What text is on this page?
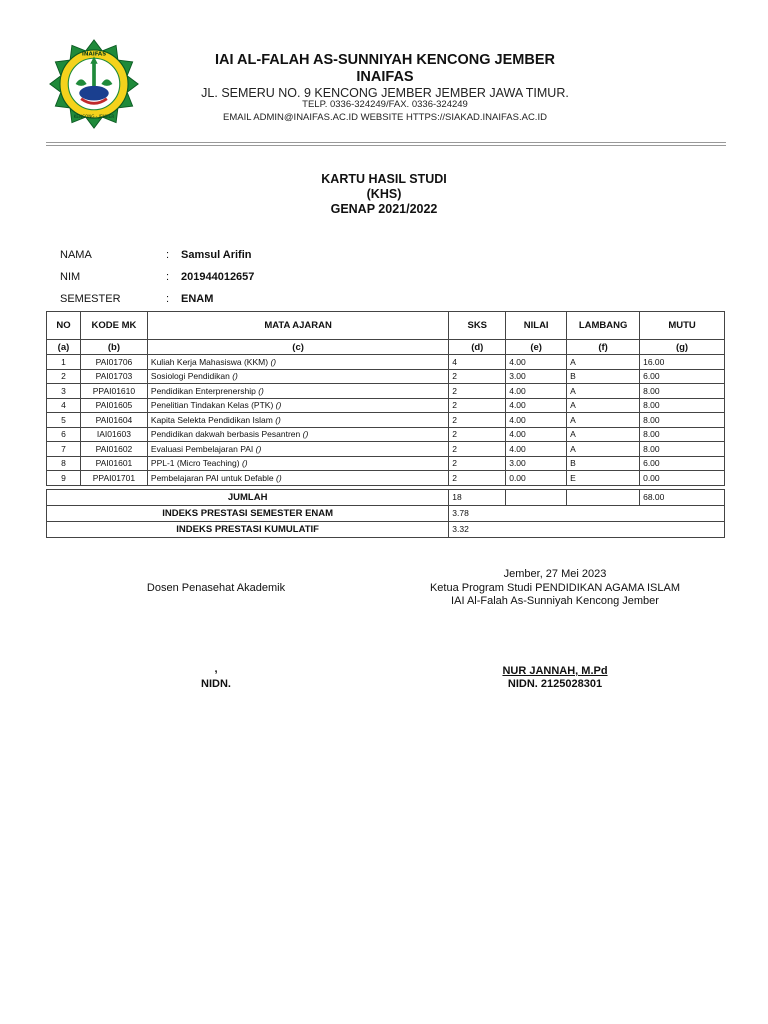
INAIFAS
KENCONG - JEMBER
IAI AL-FALAH AS-SUNNIYAH KENCONG JEMBER
INAIFAS
JL. SEMERU NO. 9 KENCONG JEMBER JEMBER JAWA TIMUR.
TELP. 0336-324249/FAX. 0336-324249
EMAIL ADMIN@INAIFAS.AC.ID WEBSITE HTTPS://SIAKAD.INAIFAS.AC.ID
KARTU HASIL STUDI
(KHS)
GENAP 2021/2022
NAMA	: Samsul Arifin
NIM	: 201944012657
SEMESTER	: ENAM
NO	KODE MK	MATA AJARAN	SKS	NILAI	LAMBANG	MUTU
(a)	(b)	(c)	(d)	(e)	(f)	(g)
1	PAI01706	Kuliah Kerja Mahasiswa (KKM) ()	4	4.00	A	16.00
2	PAI01703	Sosiologi Pendidikan ()	2	3.00	B	6.00
3	PPAI01610	Pendidikan Enterprenership ()	2	4.00	A	8.00
4	PAI01605	Penelitian Tindakan Kelas (PTK) ()	2	4.00	A	8.00
5	PAI01604	Kapita Selekta Pendidikan Islam ()	2	4.00	A	8.00
6	IAI01603	Pendidikan dakwah berbasis Pesantren ()	2	4.00	A	8.00
7	PAI01602	Evaluasi Pembelajaran PAI ()	2	4.00	A	8.00
8	PAI01601	PPL-1 (Micro Teaching) ()	2	3.00	B	6.00
9	PPAI01701	Pembelajaran PAI untuk Defable ()	2	0.00	E	0.00

JUMLAH			18			68.00
INDEKS PRESTASI SEMESTER ENAM			3.78			
INDEKS PRESTASI KUMULATIF			3.32			
Jember, 27 Mei 2023
Dosen Penasehat Akademik	Ketua Program Studi PENDIDIKAN AGAMA ISLAM
IAI Al-Falah As-Sunniyah Kencong Jember
,
NIDN.
NUR JANNAH, M.Pd
NIDN. 2125028301
